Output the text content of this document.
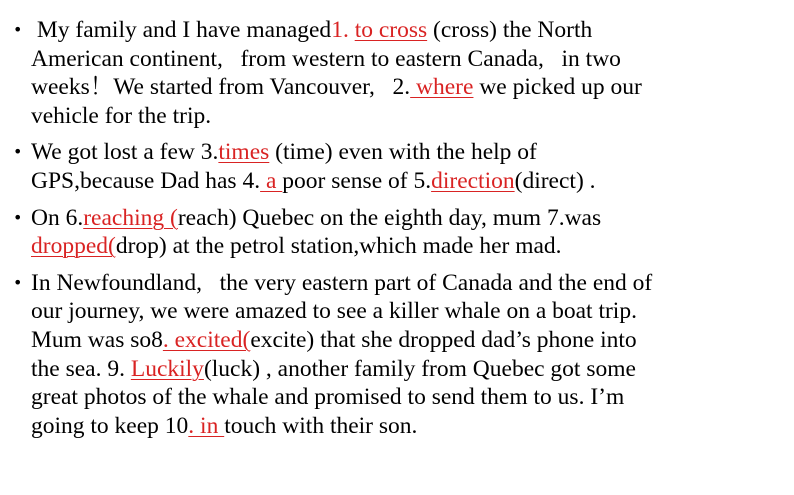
• My family and I have managed1. to cross (cross) the North
American continent,   from western to eastern Canada,   in two
weeks！We started from Vancouver,   2. where we picked up our
vehicle for the trip.
• We got lost a few 3.times (time) even with the help of
GPS,because Dad has 4. a poor sense of 5.direction(direct) .
• On 6.reaching (reach) Quebec on the eighth day, mum 7.was
dropped(drop) at the petrol station,which made her mad.
• In Newfoundland,   the very eastern part of Canada and the end of
our journey, we were amazed to see a killer whale on a boat trip.
Mum was so8. excited(excite) that she dropped dad’s phone into
the sea. 9. Luckily(luck) , another family from Quebec got some
great photos of the whale and promised to send them to us. I’m
going to keep 10. in touch with their son.
